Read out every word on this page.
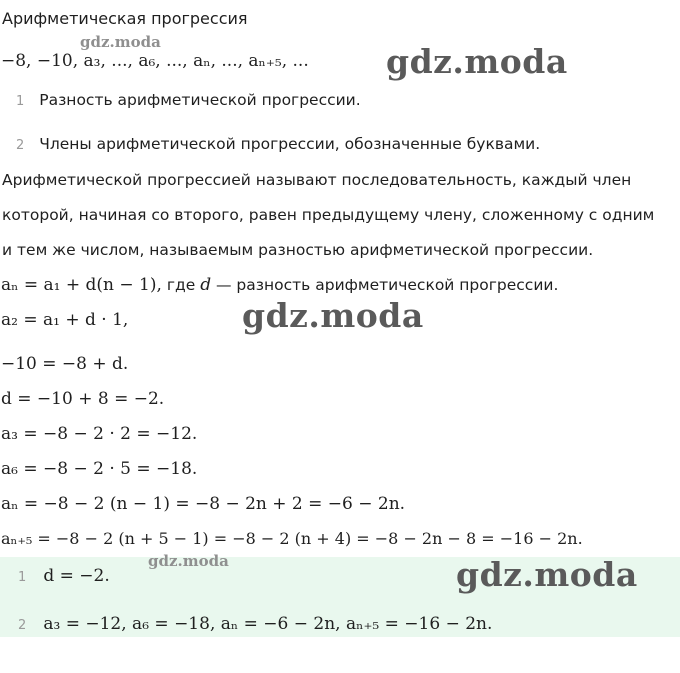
Арифметическая прогрессия
−8, −10, a₃, ..., a₆, ..., aₙ, ..., aₙ₊₅, ...
1 Разность арифметической прогрессии.
2 Члены арифметической прогрессии, обозначенные буквами.
Арифметической прогрессией называют последовательность, каждый член
которой, начиная со второго, равен предыдущему члену, сложенному с одним
и тем же числом, называемым разностью арифметической прогрессии.
aₙ = a₁ + d(n − 1), где d — разность арифметической прогрессии.
a₂ = a₁ + d · 1,
−10 = −8 + d.
d = −10 + 8 = −2.
a₃ = −8 − 2 · 2 = −12.
a₆ = −8 − 2 · 5 = −18.
aₙ = −8 − 2 (n − 1) = −8 − 2n + 2 = −6 − 2n.
aₙ₊₅ = −8 − 2 (n + 5 − 1) = −8 − 2 (n + 4) = −8 − 2n − 8 = −16 − 2n.
1 d = −2.
2 a₃ = −12, a₆ = −18, aₙ = −6 − 2n, aₙ₊₅ = −16 − 2n.
gdz.moda	gdz.moda
gdz.moda
gdz.moda	gdz.moda
